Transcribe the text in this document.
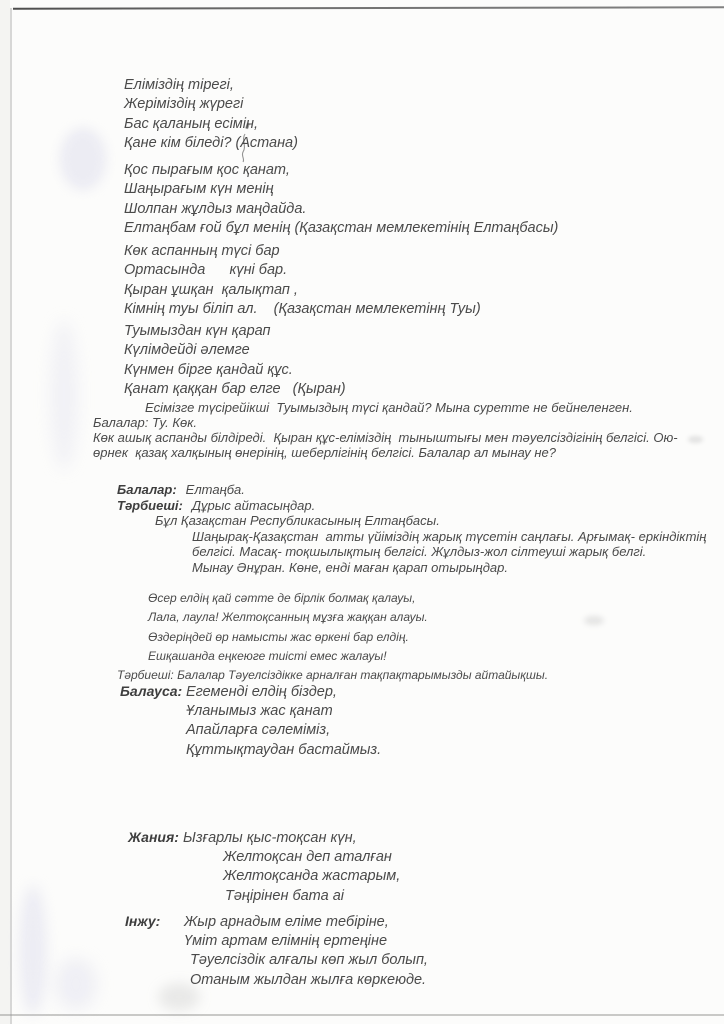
Еліміздің тірегі,
Жеріміздің жүрегі
Бас қаланың есімін,
Қане кім біледі? (Астана)
Қос пырағым қос қанат,
Шаңырағым күн менің
Шолпан жұлдыз маңдайда.
Елтаңбам ғой бұл менің (Қазақстан мемлекетінің Елтаңбасы)
Көк аспанның түсі бар
Ортасында      күні бар.
Қыран ұшқан  қалықтап ,
Кімнің туы біліп ал.    (Қазақстан мемлекетінң Туы)
Туымыздан күн қарап
Күлімдейді әлемге
Күнмен бірге қандай құс.
Қанат қаққан бар елге   (Қыран)
Есімізге түсірейікші  Туымыздың түсі қандай? Мына суретте не бейнеленген.
Балалар: Ту. Көк.
Көк ашық аспанды білдіреді.  Қыран құс-еліміздің  тыныштығы мен тәуелсіздігінің белгісі. Ою-
өрнек  қазақ халқының өнерінің, шеберлігінің белгісі. Балалар ал мынау не?
Балалар: Елтаңба.
Тәрбиеші: Дұрыс айтасыңдар.
Бұл Қазақстан Республикасының Елтаңбасы.
Шаңырақ-Қазақстан  атты үйіміздің жарық түсетін саңлағы. Арғымақ- еркіндіктің
белгісі. Масақ- тоқшылықтың белгісі. Жұлдыз-жол сілтеуші жарық белгі.
Мынау Әнұран. Көне, енді маған қарап отырыңдар.
Өсер елдің қай сәтте де бірлік болмақ қалауы,
Лала, лаула! Желтоқсанның мұзға жаққан алауы.
Өздеріңдей өр намысты жас өркені бар елдің.
Ешқашанда еңкеюге тиісті емес жалауы!
Тәрбиеші: Балалар Тәуелсіздікке арналған тақпақтарымызды айтайықшы.
Балауса: Егеменді елдің біздер,
Ұланымыз жас қанат
Апайларға сәлеміміз,
Құттықтаудан бастаймыз.
Жания: Ызғарлы қыс-тоқсан күн,
Желтоқсан деп аталған
Желтоқсанда жастарым,
Тәңірінен бата аі
Інжу: Жыр арнадым еліме тебіріне,
Үміт артам елімнің ертеңіне
Тәуелсіздік алғалы көп жыл болып,
Отаным жылдан жылға көркеюде.
